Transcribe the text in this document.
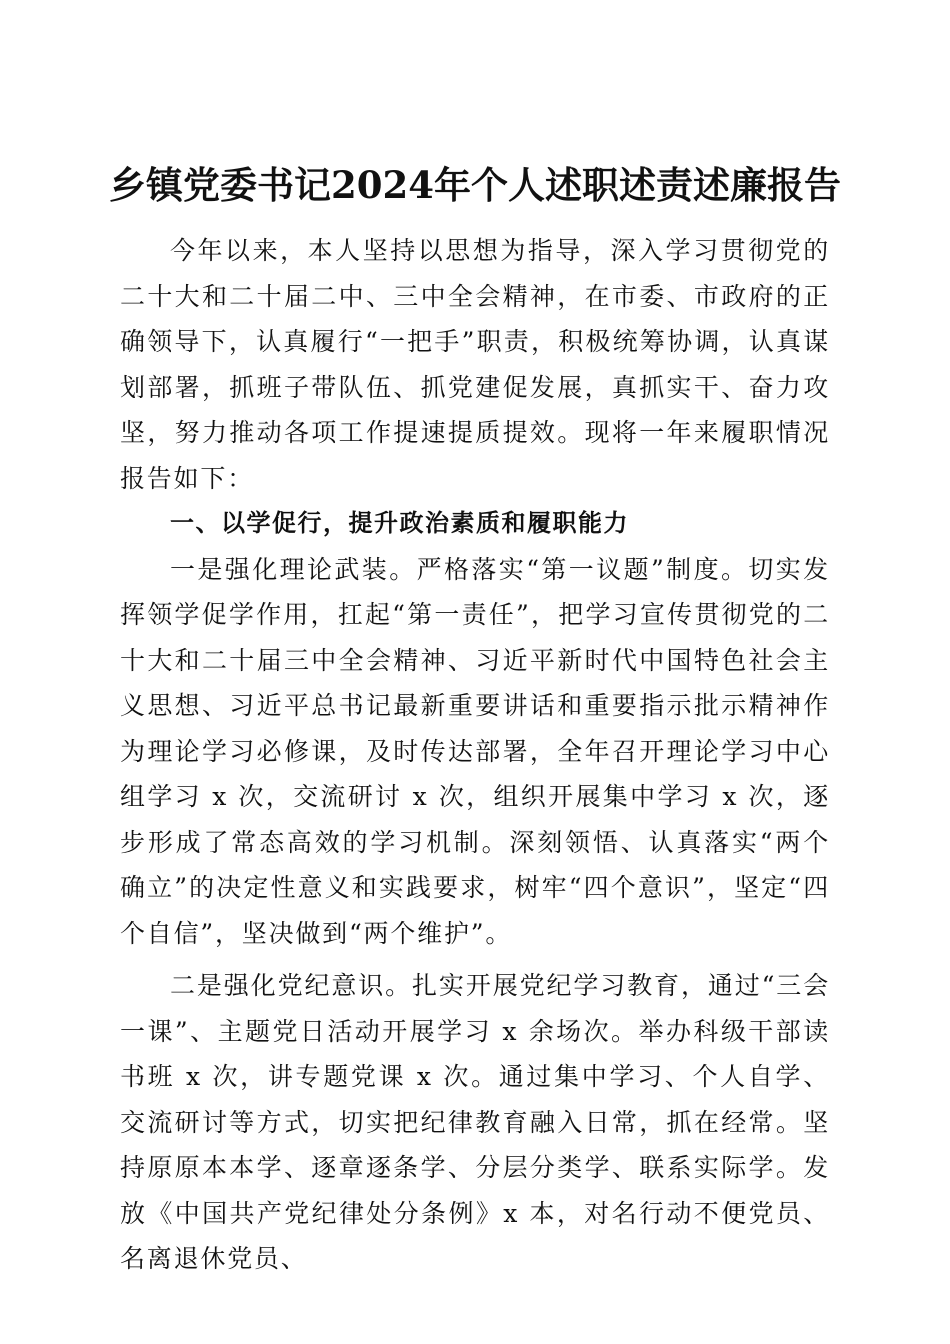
乡镇党委书记2024年个人述职述责述廉报告

今年以来，本人坚持以思想为指导，深入学习贯彻党的二十大和二十届二中、三中全会精神，在市委、市政府的正确领导下，认真履行“一把手”职责，积极统筹协调，认真谋划部署，抓班子带队伍、抓党建促发展，真抓实干、奋力攻坚，努力推动各项工作提速提质提效。现将一年来履职情况报告如下：

一、以学促行，提升政治素质和履职能力

一是强化理论武装。严格落实“第一议题”制度。切实发挥领学促学作用，扛起“第一责任”，把学习宣传贯彻党的二十大和二十届三中全会精神、习近平新时代中国特色社会主义思想、习近平总书记最新重要讲话和重要指示批示精神作为理论学习必修课，及时传达部署，全年召开理论学习中心组学习 x 次，交流研讨 x 次，组织开展集中学习 x 次，逐步形成了常态高效的学习机制。深刻领悟、认真落实“两个确立”的决定性意义和实践要求，树牢“四个意识”，坚定“四个自信”，坚决做到“两个维护”。

二是强化党纪意识。扎实开展党纪学习教育，通过“三会一课”、主题党日活动开展学习 x 余场次。举办科级干部读书班 x 次，讲专题党课 x 次。通过集中学习、个人自学、交流研讨等方式，切实把纪律教育融入日常，抓在经常。坚持原原本本学、逐章逐条学、分层分类学、联系实际学。发放《中国共产党纪律处分条例》x 本，对名行动不便党员、名离退休党员、
